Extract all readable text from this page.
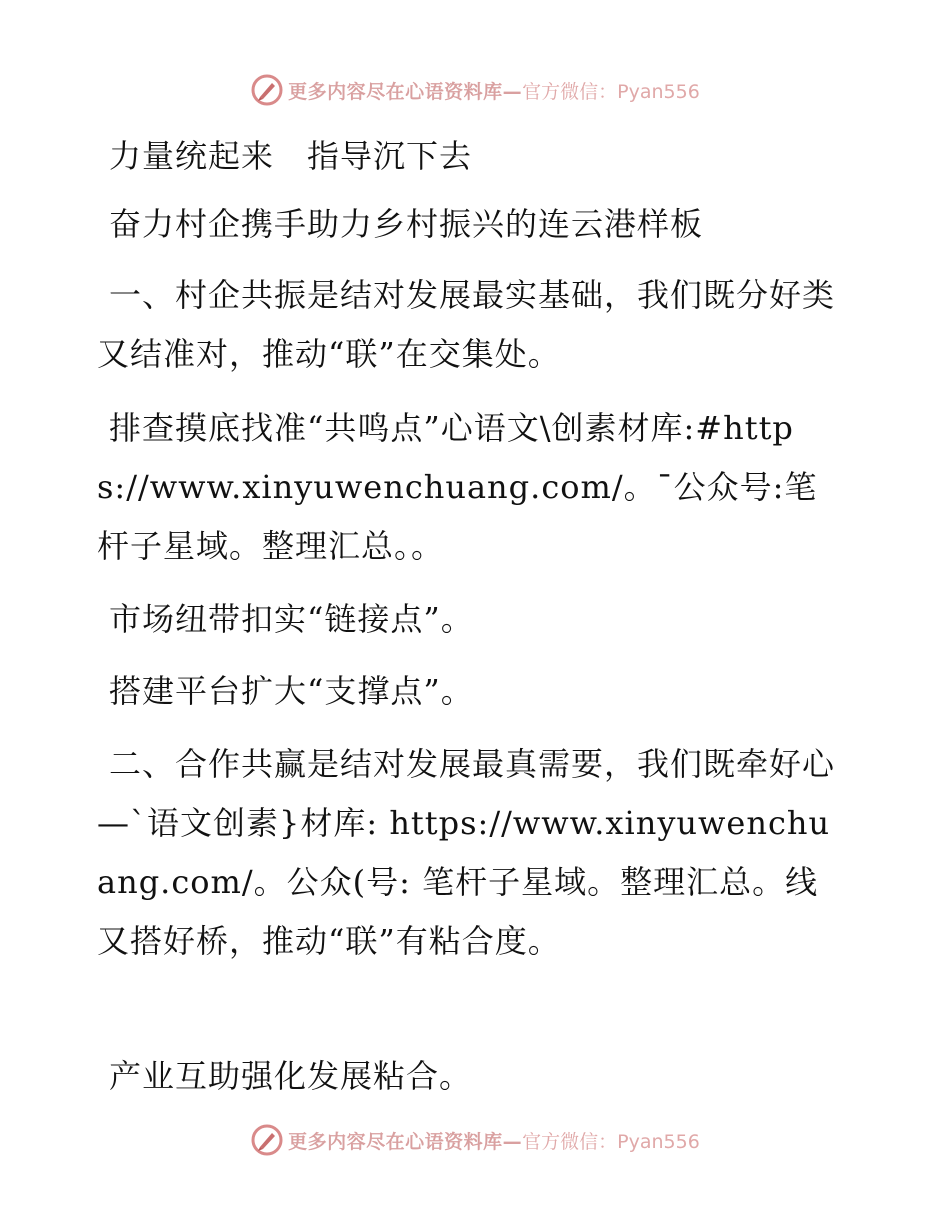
更多内容尽在心语资料库— 官方微信：Pyan556
力量统起来　指导沉下去
奋力村企携手助力乡村振兴的连云港样板
一、村企共振是结对发展最实基础，我们既分好类又结准对，推动“联”在交集处。
排查摸底找准“共鸣点”心语文\创素材库:#https://www.xinyuwenchuang.com/。¯公众号:笔杆子星域。整理汇总。。
市场纽带扣实“链接点”。
搭建平台扩大“支撑点”。
二、合作共赢是结对发展最真需要，我们既牵好心—`语文创素}材库: https://www.xinyuwenchuang.com/。公众(号: 笔杆子星域。整理汇总。线又搭好桥，推动“联”有粘合度。
产业互助强化发展粘合。
更多内容尽在心语资料库— 官方微信：Pyan556
